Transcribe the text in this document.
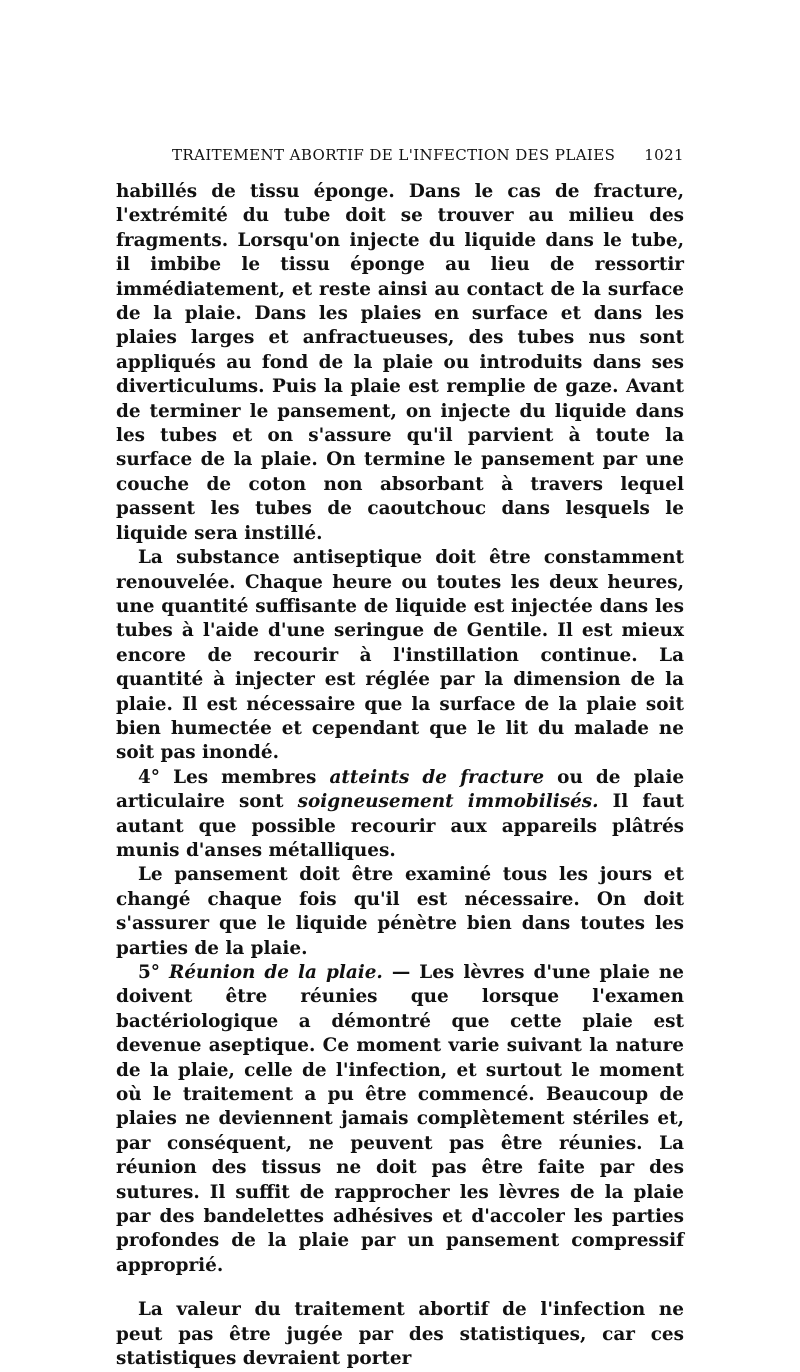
TRAITEMENT ABORTIF DE L'INFECTION DES PLAIES 1021

habillés de tissu éponge. Dans le cas de fracture, l'extrémité du tube doit se trouver au milieu des fragments. Lorsqu'on injecte du liquide dans le tube, il imbibe le tissu éponge au lieu de ressortir immédiatement, et reste ainsi au contact de la surface de la plaie. Dans les plaies en surface et dans les plaies larges et anfractueuses, des tubes nus sont appliqués au fond de la plaie ou introduits dans ses diverticulums. Puis la plaie est remplie de gaze. Avant de terminer le pansement, on injecte du liquide dans les tubes et on s'assure qu'il parvient à toute la surface de la plaie. On termine le pansement par une couche de coton non absorbant à travers lequel passent les tubes de caoutchouc dans lesquels le liquide sera instillé.

La substance antiseptique doit être constamment renouvelée. Chaque heure ou toutes les deux heures, une quantité suffisante de liquide est injectée dans les tubes à l'aide d'une seringue de Gentile. Il est mieux encore de recourir à l'instillation continue. La quantité à injecter est réglée par la dimension de la plaie. Il est nécessaire que la surface de la plaie soit bien humectée et cependant que le lit du malade ne soit pas inondé.

4° Les membres atteints de fracture ou de plaie articulaire sont soigneusement immobilisés. Il faut autant que possible recourir aux appareils plâtrés munis d'anses métalliques.

Le pansement doit être examiné tous les jours et changé chaque fois qu'il est nécessaire. On doit s'assurer que le liquide pénètre bien dans toutes les parties de la plaie.

5° Réunion de la plaie. — Les lèvres d'une plaie ne doivent être réunies que lorsque l'examen bactériologique a démontré que cette plaie est devenue aseptique. Ce moment varie suivant la nature de la plaie, celle de l'infection, et surtout le moment où le traitement a pu être commencé. Beaucoup de plaies ne deviennent jamais complètement stériles et, par conséquent, ne peuvent pas être réunies. La réunion des tissus ne doit pas être faite par des sutures. Il suffit de rapprocher les lèvres de la plaie par des bandelettes adhésives et d'accoler les parties profondes de la plaie par un pansement compressif approprié.

La valeur du traitement abortif de l'infection ne peut pas être jugée par des statistiques, car ces statistiques devraient porter
